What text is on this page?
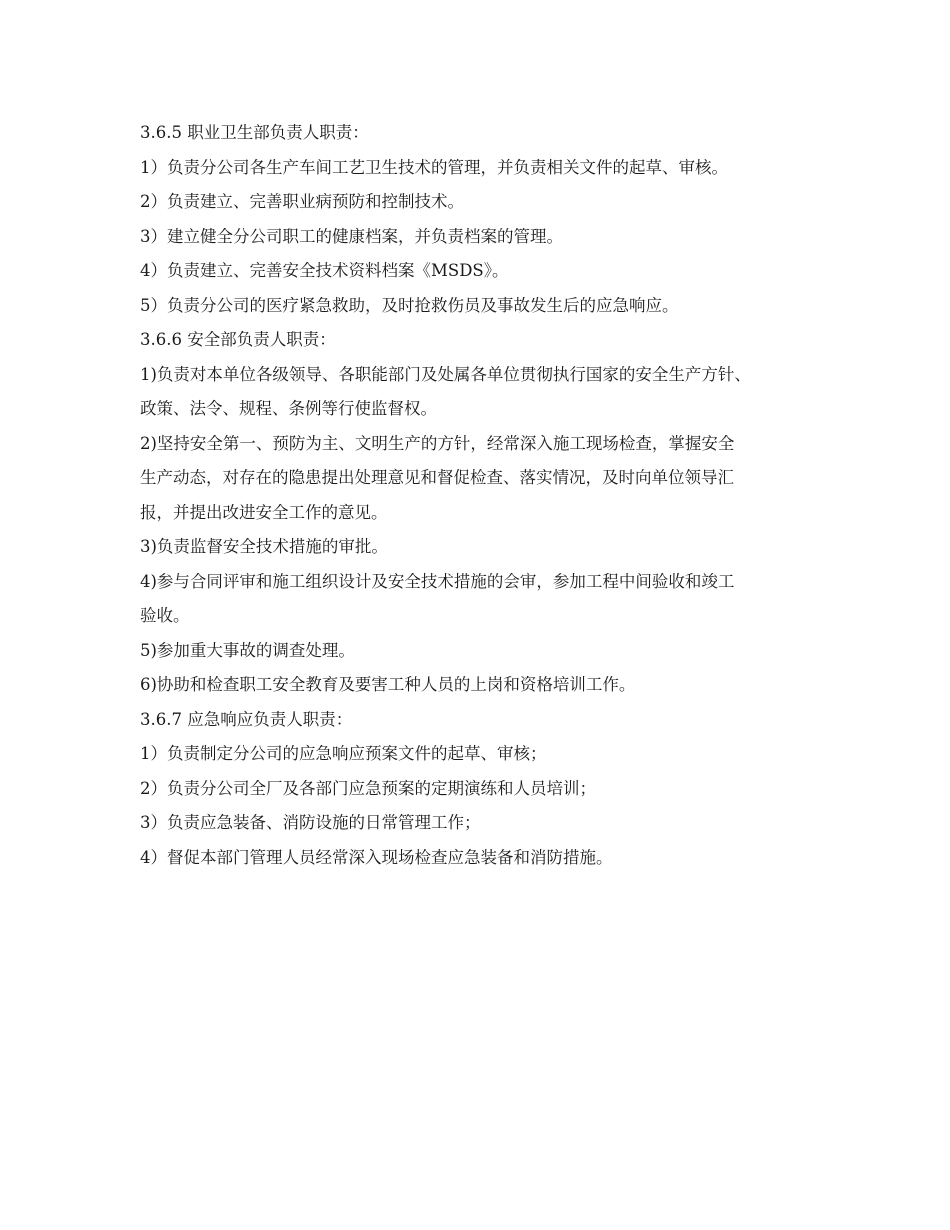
3.6.5 职业卫生部负责人职责：
1）负责分公司各生产车间工艺卫生技术的管理，并负责相关文件的起草、审核。
2）负责建立、完善职业病预防和控制技术。
3）建立健全分公司职工的健康档案，并负责档案的管理。
4）负责建立、完善安全技术资料档案《MSDS》。
5）负责分公司的医疗紧急救助，及时抢救伤员及事故发生后的应急响应。
3.6.6 安全部负责人职责：
1)负责对本单位各级领导、各职能部门及处属各单位贯彻执行国家的安全生产方针、
政策、法令、规程、条例等行使监督权。
2)坚持安全第一、预防为主、文明生产的方针，经常深入施工现场检查，掌握安全
生产动态，对存在的隐患提出处理意见和督促检查、落实情况，及时向单位领导汇
报，并提出改进安全工作的意见。
3)负责监督安全技术措施的审批。
4)参与合同评审和施工组织设计及安全技术措施的会审，参加工程中间验收和竣工
验收。
5)参加重大事故的调查处理。
6)协助和检查职工安全教育及要害工种人员的上岗和资格培训工作。
3.6.7 应急响应负责人职责：
1）负责制定分公司的应急响应预案文件的起草、审核；
2）负责分公司全厂及各部门应急预案的定期演练和人员培训；
3）负责应急装备、消防设施的日常管理工作；
4）督促本部门管理人员经常深入现场检查应急装备和消防措施。
